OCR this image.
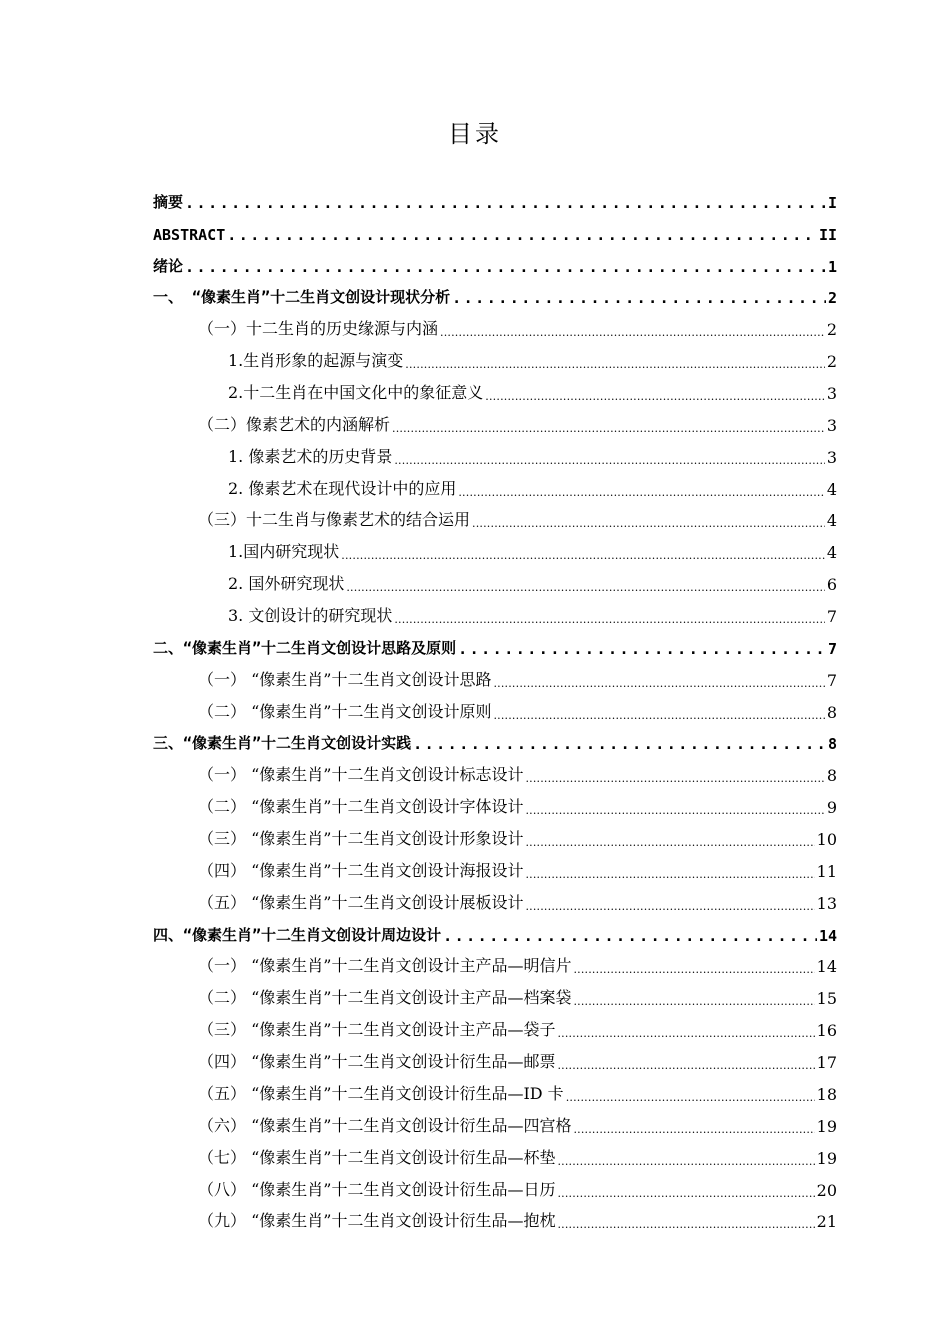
目录
摘要 .....	I
ABSTRACT .....	II
绪论 .....	1
一、 “像素生肖”十二生肖文创设计现状分析 .....	2
（一）十二生肖的历史缘源与内涵 .....	2
1.生肖形象的起源与演变 .....	2
2.十二生肖在中国文化中的象征意义 .....	3
（二）像素艺术的内涵解析 .....	3
1. 像素艺术的历史背景 .....	3
2. 像素艺术在现代设计中的应用 .....	4
（三）十二生肖与像素艺术的结合运用 .....	4
1.国内研究现状 .....	4
2. 国外研究现状 .....	6
3. 文创设计的研究现状 .....	7
二、“像素生肖”十二生肖文创设计思路及原则 .....	7
（一） “像素生肖”十二生肖文创设计思路 .....	7
（二） “像素生肖”十二生肖文创设计原则 .....	8
三、“像素生肖”十二生肖文创设计实践 .....	8
（一） “像素生肖”十二生肖文创设计标志设计 .....	8
（二） “像素生肖”十二生肖文创设计字体设计 .....	9
（三） “像素生肖”十二生肖文创设计形象设计 .....	10
（四） “像素生肖”十二生肖文创设计海报设计 .....	11
（五） “像素生肖”十二生肖文创设计展板设计 .....	13
四、“像素生肖”十二生肖文创设计周边设计 .....	14
（一） “像素生肖”十二生肖文创设计主产品—明信片 .....	14
（二） “像素生肖”十二生肖文创设计主产品—档案袋 .....	15
（三） “像素生肖”十二生肖文创设计主产品—袋子 .....	16
（四） “像素生肖”十二生肖文创设计衍生品—邮票 .....	17
（五） “像素生肖”十二生肖文创设计衍生品—ID 卡 .....	18
（六） “像素生肖”十二生肖文创设计衍生品—四宫格 .....	19
（七） “像素生肖”十二生肖文创设计衍生品—杯垫 .....	19
（八） “像素生肖”十二生肖文创设计衍生品—日历 .....	20
（九） “像素生肖”十二生肖文创设计衍生品—抱枕 .....	21
